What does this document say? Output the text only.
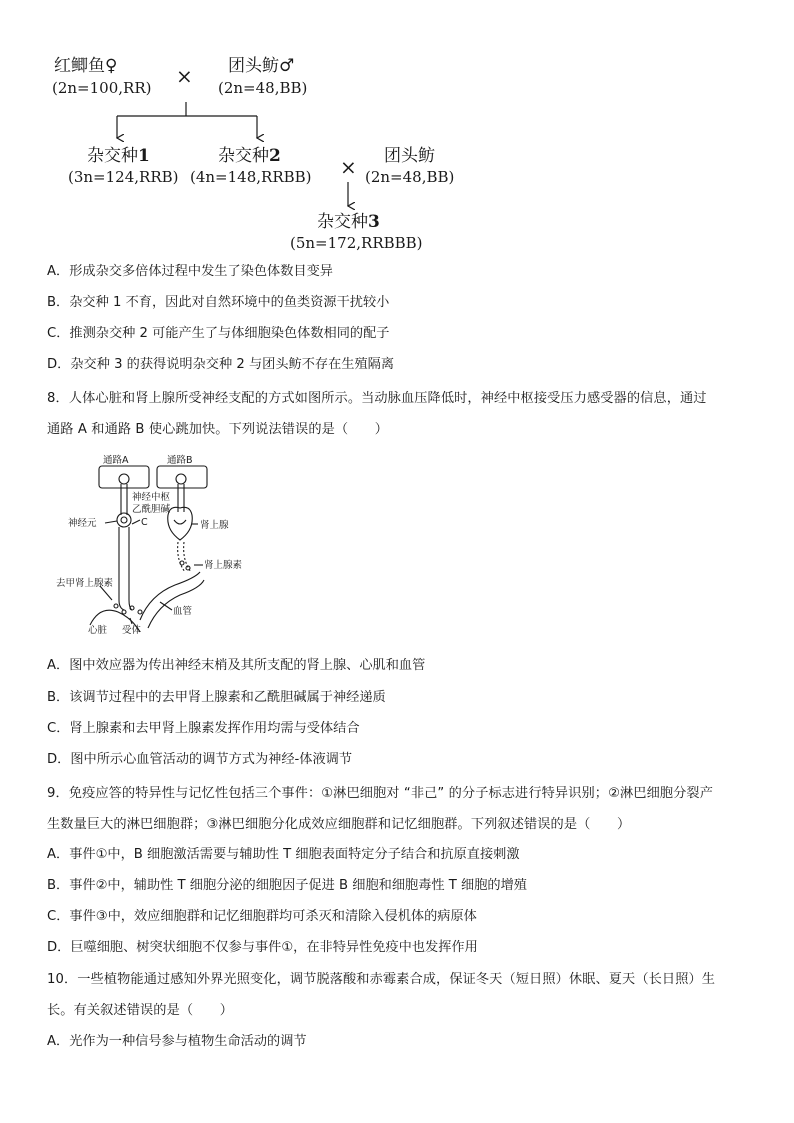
红鲫鱼♀
(2n=100,RR) × 团头鲂♂
(2n=48,BB)
杂交种1
(3n=124,RRB)
杂交种2
(4n=148,RRBB) × 团头鲂
(2n=48,BB)
杂交种3
(5n=172,RRBBB)
A．形成杂交多倍体过程中发生了染色体数目变异
B．杂交种 1 不育，因此对自然环境中的鱼类资源干扰较小
C．推测杂交种 2 可能产生了与体细胞染色体数相同的配子
D．杂交种 3 的获得说明杂交种 2 与团头鲂不存在生殖隔离
8．人体心脏和肾上腺所受神经支配的方式如图所示。当动脉血压降低时，神经中枢接受压力感受器的信息，通过
通路 A 和通路 B 使心跳加快。下列说法错误的是（　　）
通路A	通路B
神经中枢
乙酰胆碱
神经元	C	肾上腺
肾上腺素
去甲肾上腺素
血管
心脏 受体
A．图中效应器为传出神经末梢及其所支配的肾上腺、心肌和血管
B．该调节过程中的去甲肾上腺素和乙酰胆碱属于神经递质
C．肾上腺素和去甲肾上腺素发挥作用均需与受体结合
D．图中所示心血管活动的调节方式为神经-体液调节
9．免疫应答的特异性与记忆性包括三个事件：①淋巴细胞对 “非己” 的分子标志进行特异识别；②淋巴细胞分裂产
生数量巨大的淋巴细胞群；③淋巴细胞分化成效应细胞群和记忆细胞群。下列叙述错误的是（　　）
A．事件①中，B 细胞激活需要与辅助性 T 细胞表面特定分子结合和抗原直接刺激
B．事件②中，辅助性 T 细胞分泌的细胞因子促进 B 细胞和细胞毒性 T 细胞的增殖
C．事件③中，效应细胞群和记忆细胞群均可杀灭和清除入侵机体的病原体
D．巨噬细胞、树突状细胞不仅参与事件①，在非特异性免疫中也发挥作用
10．一些植物能通过感知外界光照变化，调节脱落酸和赤霉素合成，保证冬天（短日照）休眠、夏天（长日照）生
长。有关叙述错误的是（　　）
A．光作为一种信号参与植物生命活动的调节
